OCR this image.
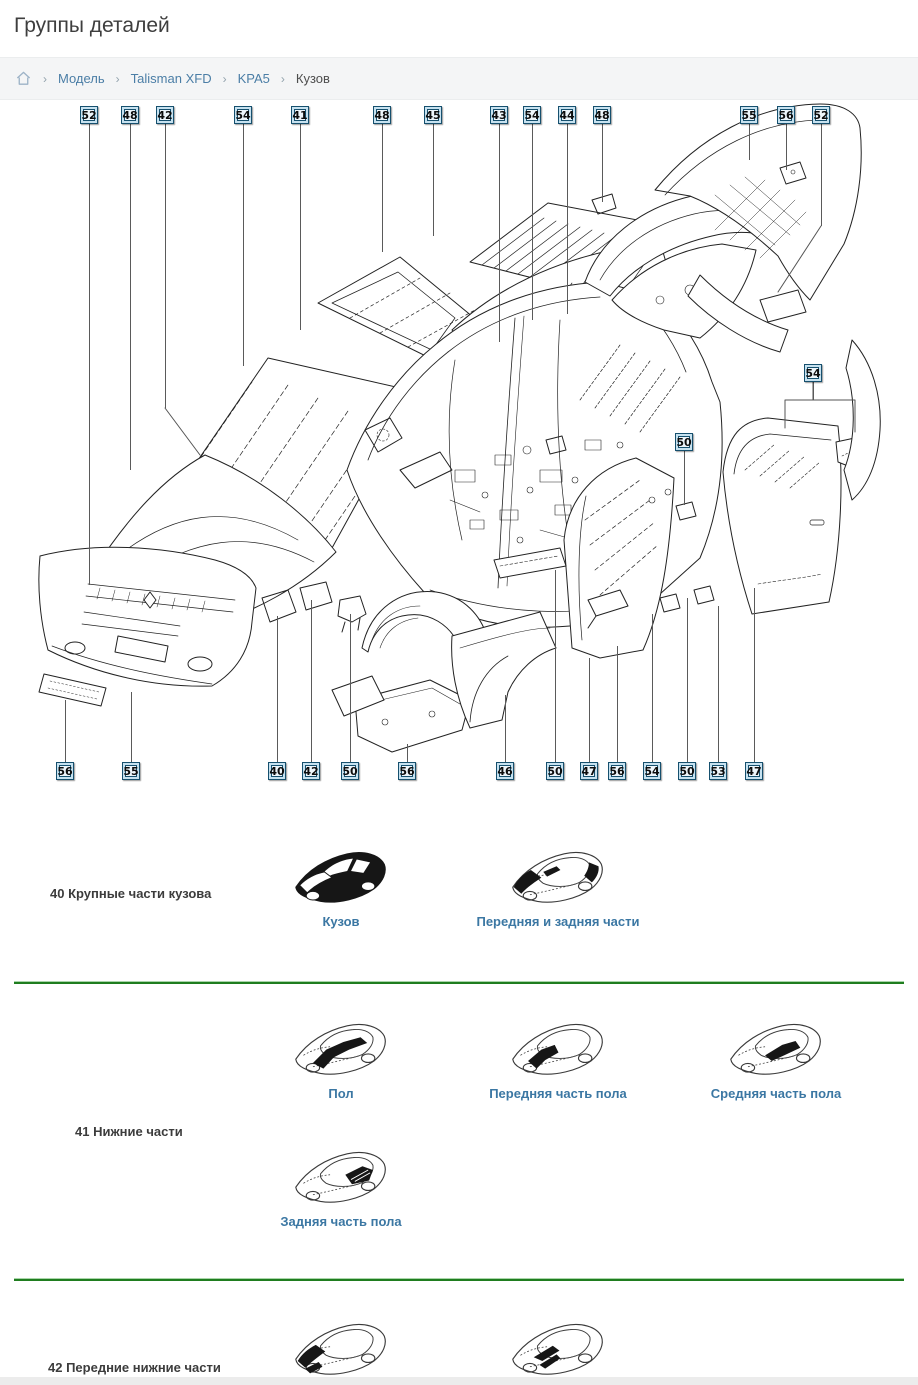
Группы деталей
› Модель › Talisman XFD › KPA5 › Кузов
52 48 42	54	41	48	45	43 54 44 48	55 56 52
56	55	40 42 50	56	46	50 47 56 54 50 53 47
54
50
40 Крупные части кузова
Кузов	Передняя и задняя части
41 Нижние части
Пол	Передняя часть пола	Средняя часть пола
Задняя часть пола
42 Передние нижние части
